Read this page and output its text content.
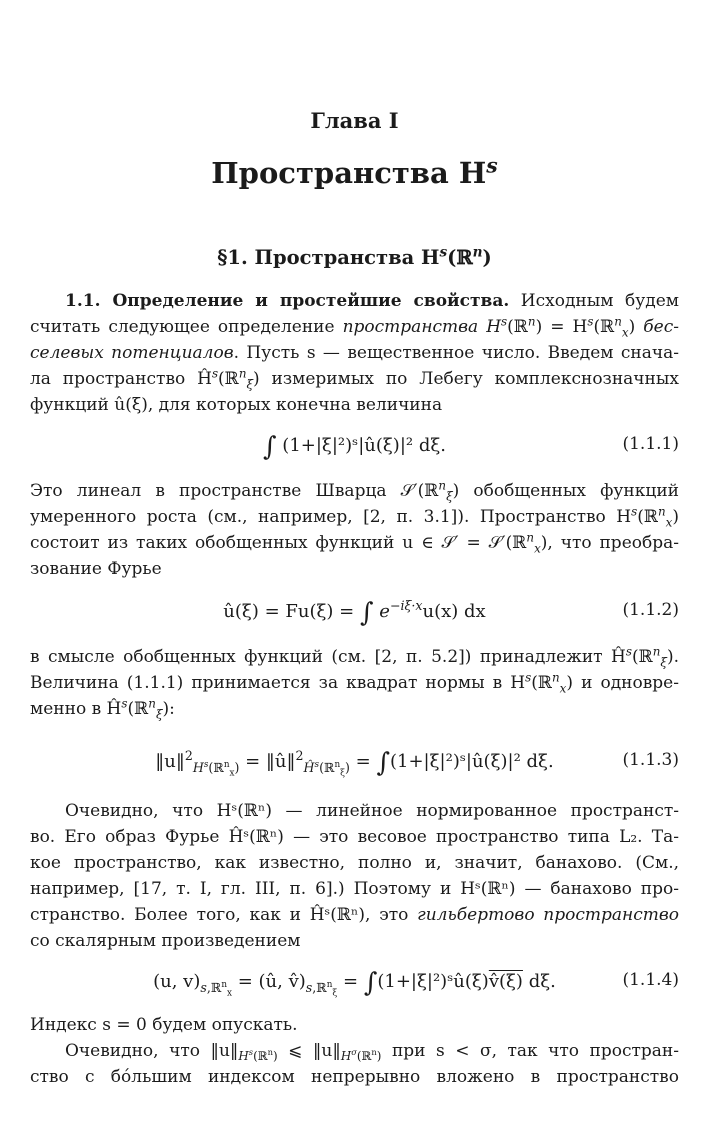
Глава I
Пространства $H^s$
§1. Пространства $H^s(ℝ^n)$
1.1. Определение и простейшие свойства. Исходным будем
считать следующее определение пространства $H^s(ℝ^n)$ = $H^s(ℝ^n_x)$ бес-
селевых потенциалов. Пусть s — вещественное число. Введем снача-
ла пространство $Ĥ^s(ℝ^n_\xi)$ измеримых по Лебегу комплекснозначных
функций û(ξ), для которых конечна величина
∫ (1+|ξ|²)ˢ|û(ξ)|² dξ.	(1.1.1)
Это линеал в пространстве Шварца 𝒮′(ℝ$^n_\xi$) обобщенных функций
умеренного роста (см., например, [2, п. 3.1]). Пространство $H^s(ℝ^n_x)$
состоит из таких обобщенных функций u ∈ 𝒮′ = 𝒮′(ℝ$^n_x$), что преобра-
зование Фурье
û(ξ) = Fu(ξ) = ∫ $e^{-i\xi\cdot x}u(x)$ dx	(1.1.2)
в смысле обобщенных функций (см. [2, п. 5.2]) принадлежит $Ĥ^s(ℝ^n_\xi)$.
Величина (1.1.1) принимается за квадрат нормы в $H^s(ℝ^n_x)$ и одновре-
менно в $Ĥ^s(ℝ^n_\xi)$:
‖u‖$^2_{H^s(ℝ^n_x)}$ = ‖û‖$^2_{Ĥ^s(ℝ^n_\xi)}$ = ∫(1+|ξ|²)ˢ|û(ξ)|² dξ.	(1.1.3)
Очевидно, что Hˢ(ℝⁿ) — линейное нормированное пространст-
во. Его образ Фурье Ĥˢ(ℝⁿ) — это весовое пространство типа L₂. Та-
кое пространство, как известно, полно и, значит, банахово. (См.,
например, [17, т. I, гл. III, п. 6].) Поэтому и Hˢ(ℝⁿ) — банахово про-
странство. Более того, как и Ĥˢ(ℝⁿ), это гильбертово пространство
со скалярным произведением
(u, $v)_{s,ℝ^n_x}$ = (û, $v̂)_{s,ℝ^n_\xi}$ = ∫(1+|ξ|²)ˢû(ξ)v̂(ξ) dξ.	(1.1.4)
Индекс s = 0 будем опускать.
Очевидно, что $‖u‖_{H^s(ℝ^n)}$ ⩽ $‖u‖_{H^\sigma(ℝ^n)}$ при s < σ, так что простран-
ство с бóльшим индексом непрерывно вложено в пространство
